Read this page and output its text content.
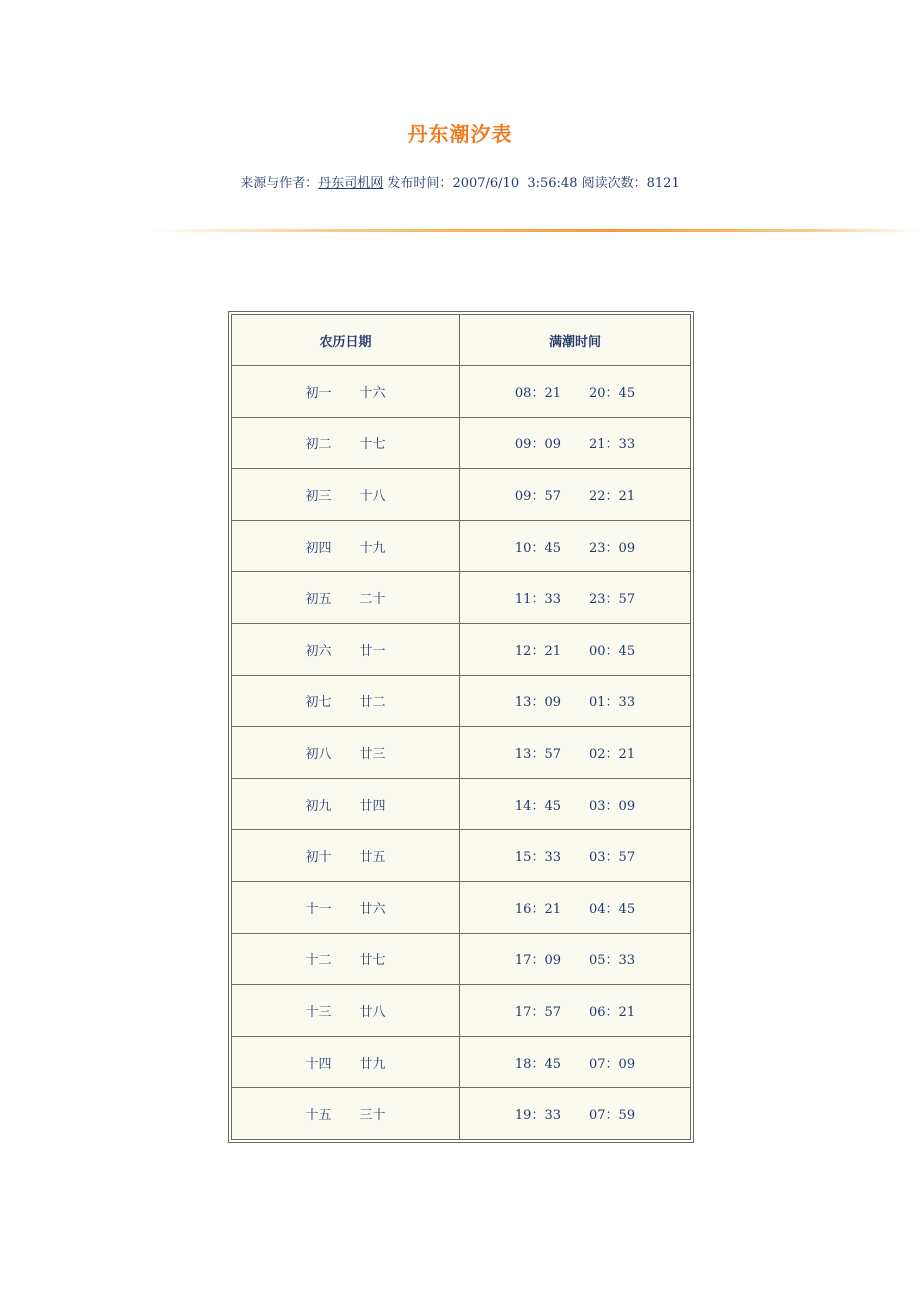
丹东潮汐表
来源与作者：丹东司机网 发布时间：2007/6/10  3:56:48 阅读次数：8121
农历日期	满潮时间
初一 十六	08：21 20：45
初二 十七	09：09 21：33
初三 十八	09：57 22：21
初四 十九	10：45 23：09
初五 二十	11：33 23：57
初六 廿一	12：21 00：45
初七 廿二	13：09 01：33
初八 廿三	13：57 02：21
初九 廿四	14：45 03：09
初十 廿五	15：33 03：57
十一 廿六	16：21 04：45
十二 廿七	17：09 05：33
十三 廿八	17：57 06：21
十四 廿九	18：45 07：09
十五 三十	19：33 07：59
